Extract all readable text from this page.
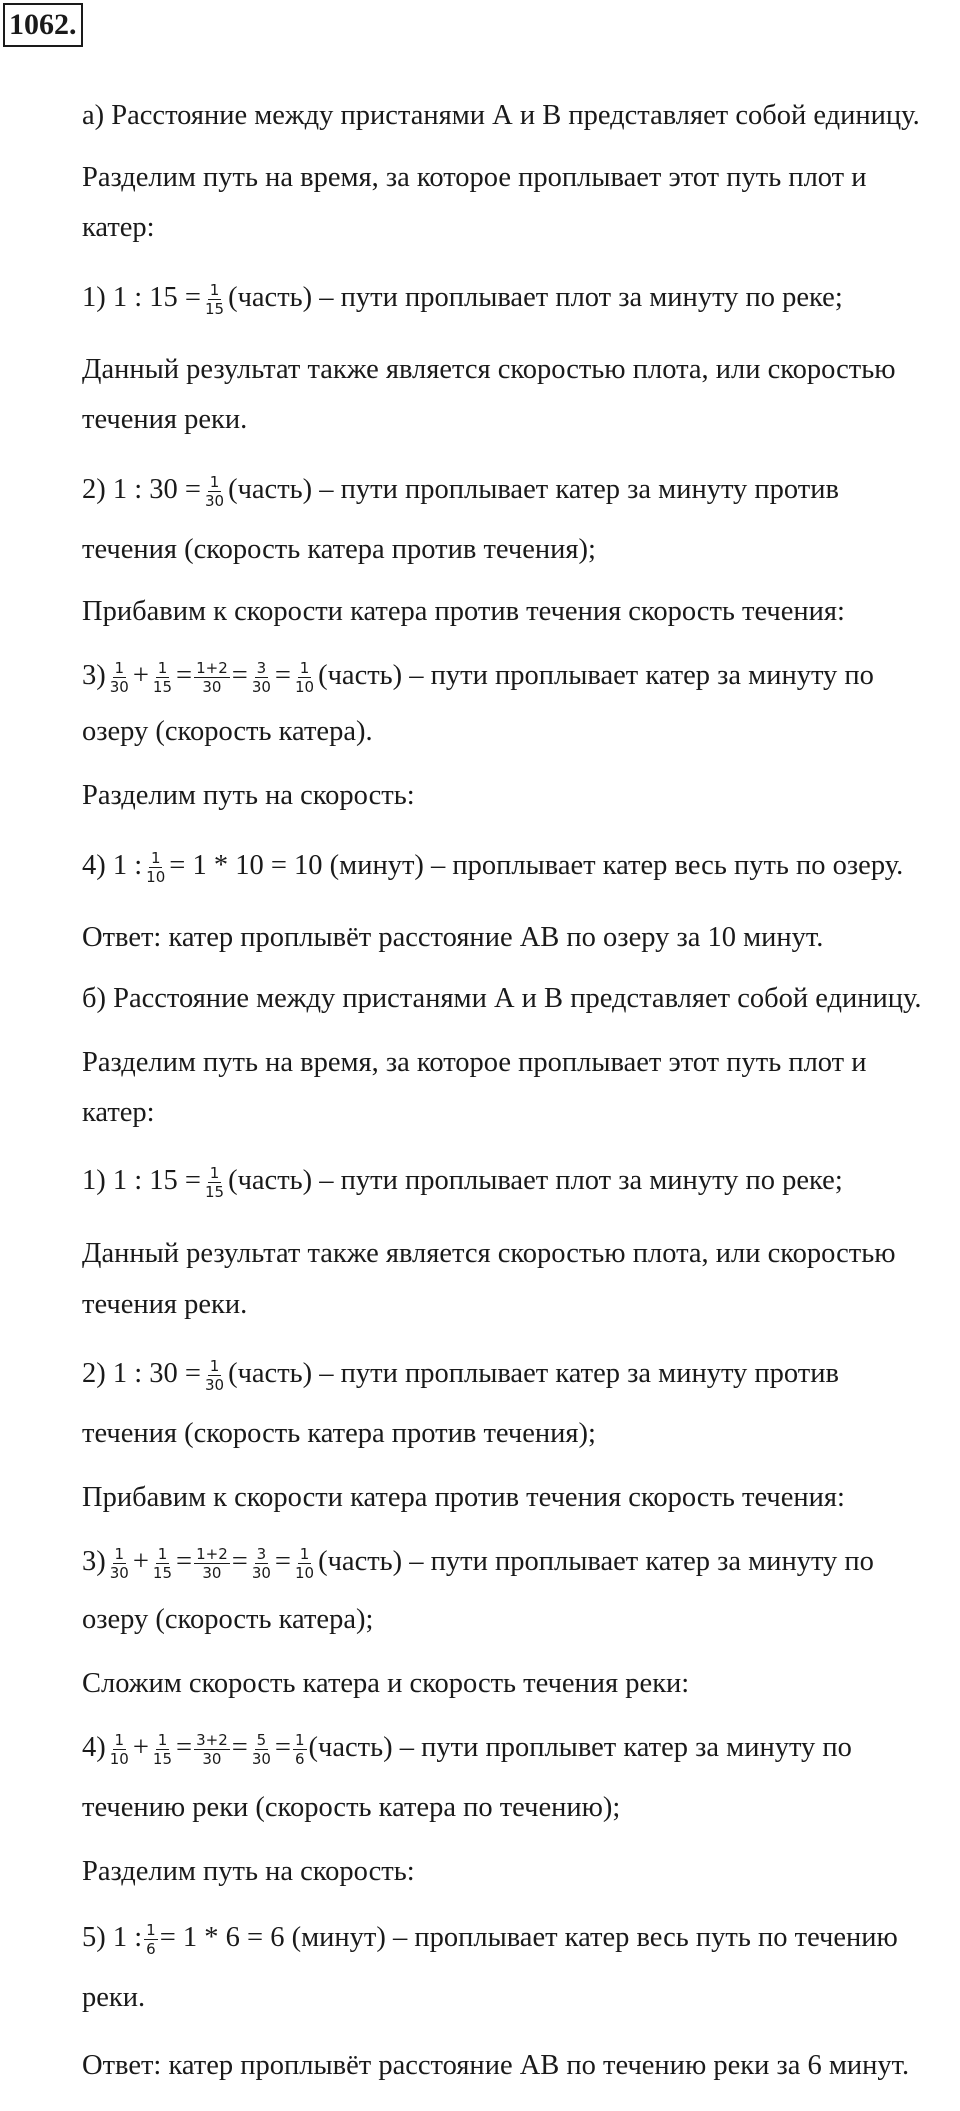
1062.
а) Расстояние между пристанями А и В представляет собой единицу.
Разделим путь на время, за которое проплывает этот путь плот и
катер:
1) 1 : $15 = \frac{1}{15}$ (часть) – пути проплывает плот за минуту по реке;
Данный результат также является скоростью плота, или скоростью
течения реки.
2) 1 : $30 = \frac{1}{30}$ (часть) – пути проплывает катер за минуту против
течения (скорость катера против течения);
Прибавим к скорости катера против течения скорость течения:
$3) \frac{1}{30} + \frac{1}{15} = \frac{1+2}{30} = \frac{3}{30} = \frac{1}{10}$ (часть) – пути проплывает катер за минуту по
озеру (скорость катера).
Разделим путь на скорость:
4) 1 : $\frac{1}{10} = 1 * 10 = 10$ (минут) – проплывает катер весь путь по озеру.
Ответ: катер проплывёт расстояние АВ по озеру за 10 минут.
б) Расстояние между пристанями А и В представляет собой единицу.
Разделим путь на время, за которое проплывает этот путь плот и
катер:
1) 1 : $15 = \frac{1}{15}$ (часть) – пути проплывает плот за минуту по реке;
Данный результат также является скоростью плота, или скоростью
течения реки.
2) 1 : $30 = \frac{1}{30}$ (часть) – пути проплывает катер за минуту против
течения (скорость катера против течения);
Прибавим к скорости катера против течения скорость течения:
$3) \frac{1}{30} + \frac{1}{15} = \frac{1+2}{30} = \frac{3}{30} = \frac{1}{10}$ (часть) – пути проплывает катер за минуту по
озеру (скорость катера);
Сложим скорость катера и скорость течения реки:
$4) \frac{1}{10} + \frac{1}{15} = \frac{3+2}{30} = \frac{5}{30} = \frac{1}{6}$ (часть) – пути проплывет катер за минуту по
течению реки (скорость катера по течению);
Разделим путь на скорость:
5) 1 : $\frac{1}{6} = 1 * 6 = 6$ (минут) – проплывает катер весь путь по течению
реки.
Ответ: катер проплывёт расстояние АВ по течению реки за 6 минут.
